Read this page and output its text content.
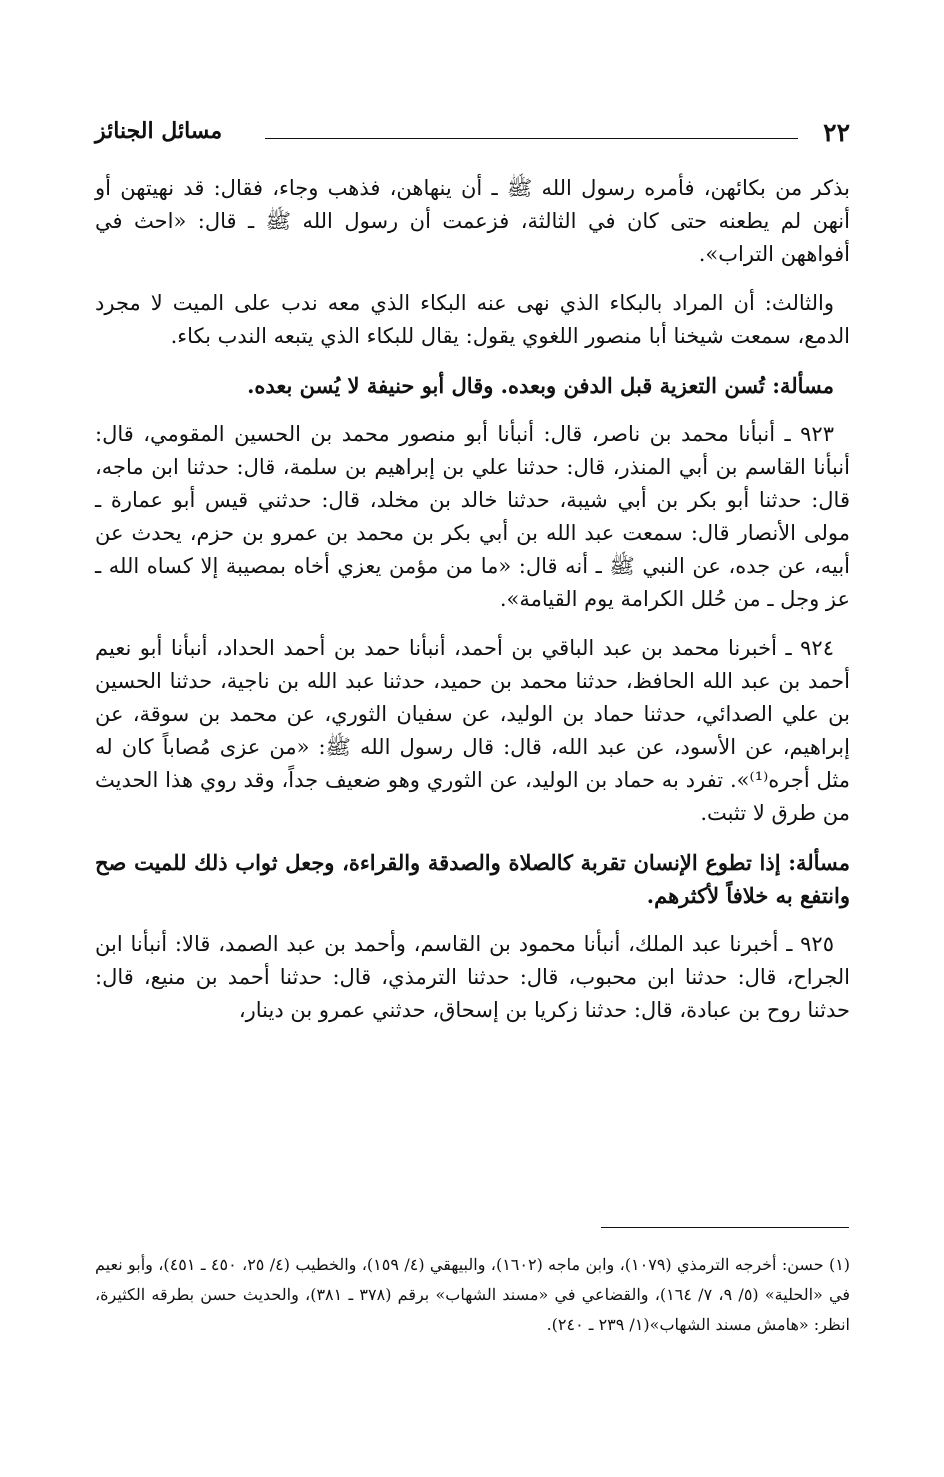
٢٢
مسائل الجنائز

بذكر من بكائهن، فأمره رسول الله ﷺ ـ أن ينهاهن، فذهب وجاء، فقال: قد نهيتهن أو أنهن لم يطعنه حتى كان في الثالثة، فزعمت أن رسول الله ﷺ ـ قال: «احث في أفواههن التراب».

والثالث: أن المراد بالبكاء الذي نهى عنه البكاء الذي معه ندب على الميت لا مجرد الدمع، سمعت شيخنا أبا منصور اللغوي يقول: يقال للبكاء الذي يتبعه الندب بكاء.

مسألة: تُسن التعزية قبل الدفن وبعده. وقال أبو حنيفة لا يُسن بعده.

٩٢٣ ـ أنبأنا محمد بن ناصر، قال: أنبأنا أبو منصور محمد بن الحسين المقومي، قال: أنبأنا القاسم بن أبي المنذر، قال: حدثنا علي بن إبراهيم بن سلمة، قال: حدثنا ابن ماجه، قال: حدثنا أبو بكر بن أبي شيبة، حدثنا خالد بن مخلد، قال: حدثني قيس أبو عمارة ـ مولى الأنصار قال: سمعت عبد الله بن أبي بكر بن محمد بن عمرو بن حزم، يحدث عن أبيه، عن جده، عن النبي ﷺ ـ أنه قال: «ما من مؤمن يعزي أخاه بمصيبة إلا كساه الله ـ عز وجل ـ من حُلل الكرامة يوم القيامة».

٩٢٤ ـ أخبرنا محمد بن عبد الباقي بن أحمد، أنبأنا حمد بن أحمد الحداد، أنبأنا أبو نعيم أحمد بن عبد الله الحافظ، حدثنا محمد بن حميد، حدثنا عبد الله بن ناجية، حدثنا الحسين بن علي الصدائي، حدثنا حماد بن الوليد، عن سفيان الثوري، عن محمد بن سوقة، عن إبراهيم، عن الأسود، عن عبد الله، قال: قال رسول الله ﷺ: «من عزى مُصاباً كان له مثل أجره⁽¹⁾». تفرد به حماد بن الوليد، عن الثوري وهو ضعيف جداً، وقد روي هذا الحديث من طرق لا تثبت.

مسألة: إذا تطوع الإنسان تقربة كالصلاة والصدقة والقراءة، وجعل ثواب ذلك للميت صح وانتفع به خلافاً لأكثرهم.

٩٢٥ ـ أخبرنا عبد الملك، أنبأنا محمود بن القاسم، وأحمد بن عبد الصمد، قالا: أنبأنا ابن الجراح، قال: حدثنا ابن محبوب، قال: حدثنا الترمذي، قال: حدثنا أحمد بن منيع، قال: حدثنا روح بن عبادة، قال: حدثنا زكريا بن إسحاق، حدثني عمرو بن دينار،

(١) حسن: أخرجه الترمذي (١٠٧٩)، وابن ماجه (١٦٠٢)، والبيهقي (٤/ ١٥٩)، والخطيب (٤/ ٢٥، ٤٥٠ ـ ٤٥١)، وأبو نعيم في «الحلية» (٥/ ٩، ٧/ ١٦٤)، والقضاعي في «مسند الشهاب» برقم (٣٧٨ ـ ٣٨١)، والحديث حسن بطرقه الكثيرة، انظر: «هامش مسند الشهاب»(١/ ٢٣٩ ـ ٢٤٠).
